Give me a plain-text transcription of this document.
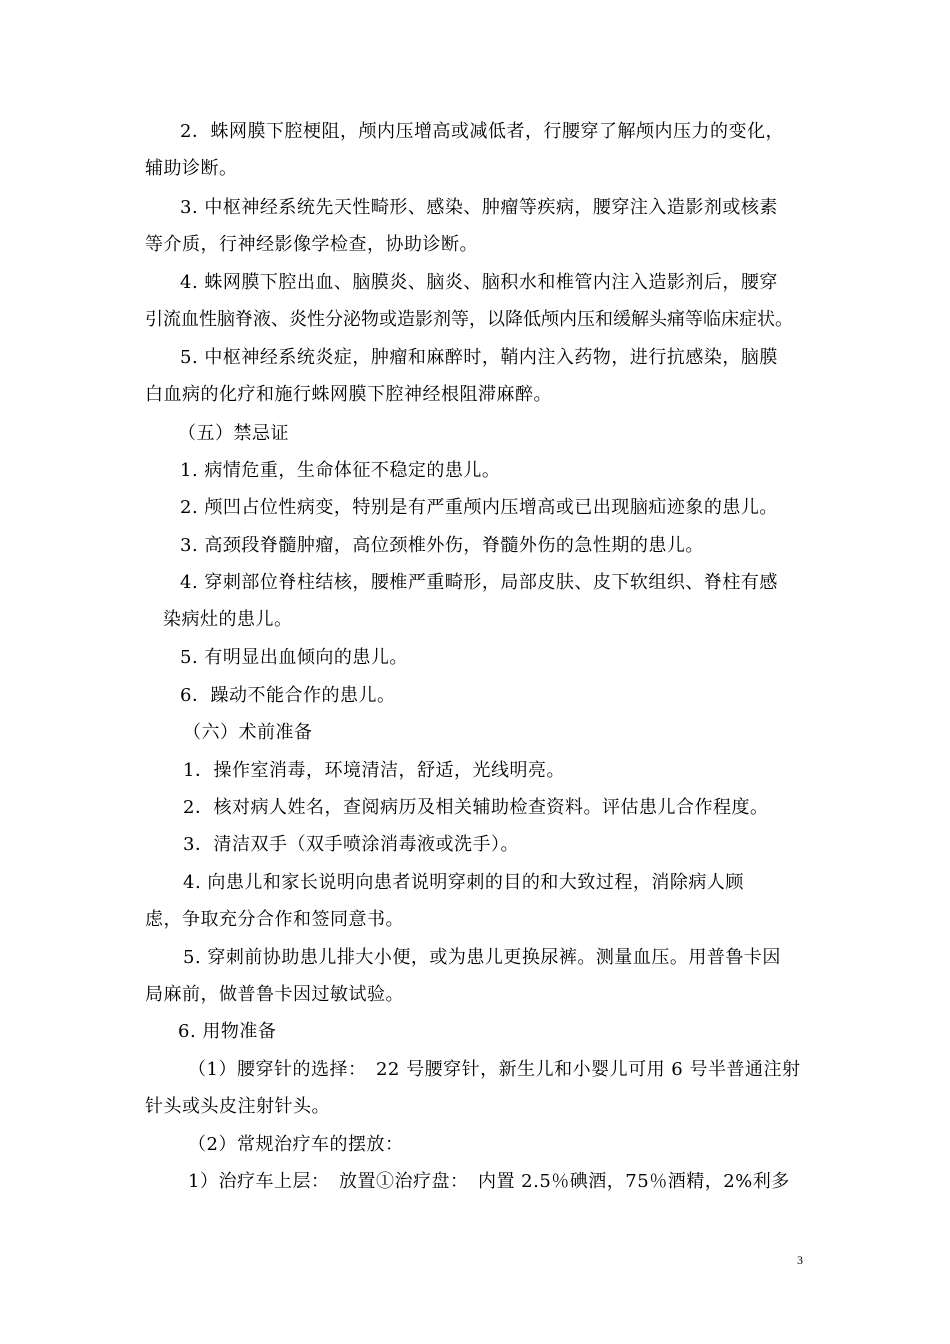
2．蛛网膜下腔梗阻，颅内压增高或减低者，行腰穿了解颅内压力的变化，
辅助诊断。
3. 中枢神经系统先天性畸形、感染、肿瘤等疾病，腰穿注入造影剂或核素
等介质，行神经影像学检查，协助诊断。
4. 蛛网膜下腔出血、脑膜炎、脑炎、脑积水和椎管内注入造影剂后，腰穿
引流血性脑脊液、炎性分泌物或造影剂等，以降低颅内压和缓解头痛等临床症状。
5. 中枢神经系统炎症，肿瘤和麻醉时，鞘内注入药物，进行抗感染，脑膜
白血病的化疗和施行蛛网膜下腔神经根阻滞麻醉。
（五）禁忌证
1. 病情危重，生命体征不稳定的患儿。
2. 颅凹占位性病变，特别是有严重颅内压增高或已出现脑疝迹象的患儿。
3. 高颈段脊髓肿瘤，高位颈椎外伤，脊髓外伤的急性期的患儿。
4. 穿刺部位脊柱结核，腰椎严重畸形，局部皮肤、皮下软组织、脊柱有感
染病灶的患儿。
5. 有明显出血倾向的患儿。
6．躁动不能合作的患儿。
（六）术前准备
1．操作室消毒，环境清洁，舒适，光线明亮。
2．核对病人姓名，查阅病历及相关辅助检查资料。评估患儿合作程度。
3．清洁双手（双手喷涂消毒液或洗手）。
4. 向患儿和家长说明向患者说明穿刺的目的和大致过程，消除病人顾
虑，争取充分合作和签同意书。
5. 穿刺前协助患儿排大小便，或为患儿更换尿裤。测量血压。用普鲁卡因
局麻前，做普鲁卡因过敏试验。
6. 用物准备
（1）腰穿针的选择：　22 号腰穿针，新生儿和小婴儿可用 6 号半普通注射
针头或头皮注射针头。
（2）常规治疗车的摆放：
1）治疗车上层：　放置①治疗盘：　内置 2.5％碘酒，75％酒精，2%利多
3
